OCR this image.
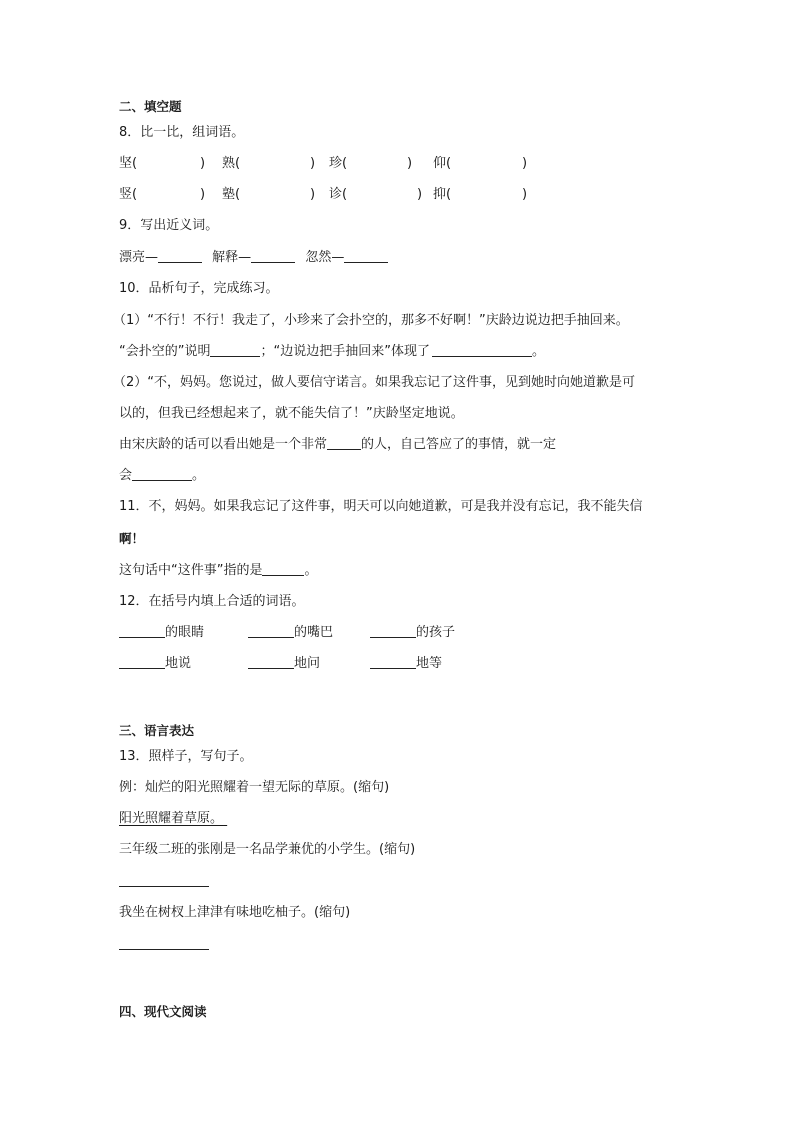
二、填空题
8．比一比，组词语。
坚(	) 熟(	) 珍(	) 仰(	)
竖(	) 塾(	) 诊(	) 抑(	)
9．写出近义词。
漂亮—	解释—	忽然—
10．品析句子，完成练习。
（1）“不行！不行！我走了，小珍来了会扑空的，那多不好啊！”庆龄边说边把手抽回来。
“会扑空的”说明	；“边说边把手抽回来”体现了	。
（2）“不，妈妈。您说过，做人要信守诺言。如果我忘记了这件事，见到她时向她道歉是可
以的，但我已经想起来了，就不能失信了！”庆龄坚定地说。
由宋庆龄的话可以看出她是一个非常	的人，自己答应了的事情，就一定
会	。
11．不，妈妈。如果我忘记了这件事，明天可以向她道歉，可是我并没有忘记，我不能失信
啊！
这句话中“这件事”指的是	。
12．在括号内填上合适的词语。
的眼睛	的嘴巴	的孩子
地说	地问	地等
三、语言表达
13．照样子，写句子。
例：灿烂的阳光照耀着一望无际的草原。(缩句)
阳光照耀着草原。
三年级二班的张刚是一名品学兼优的小学生。(缩句)
我坐在树杈上津津有味地吃柚子。(缩句)
四、现代文阅读
